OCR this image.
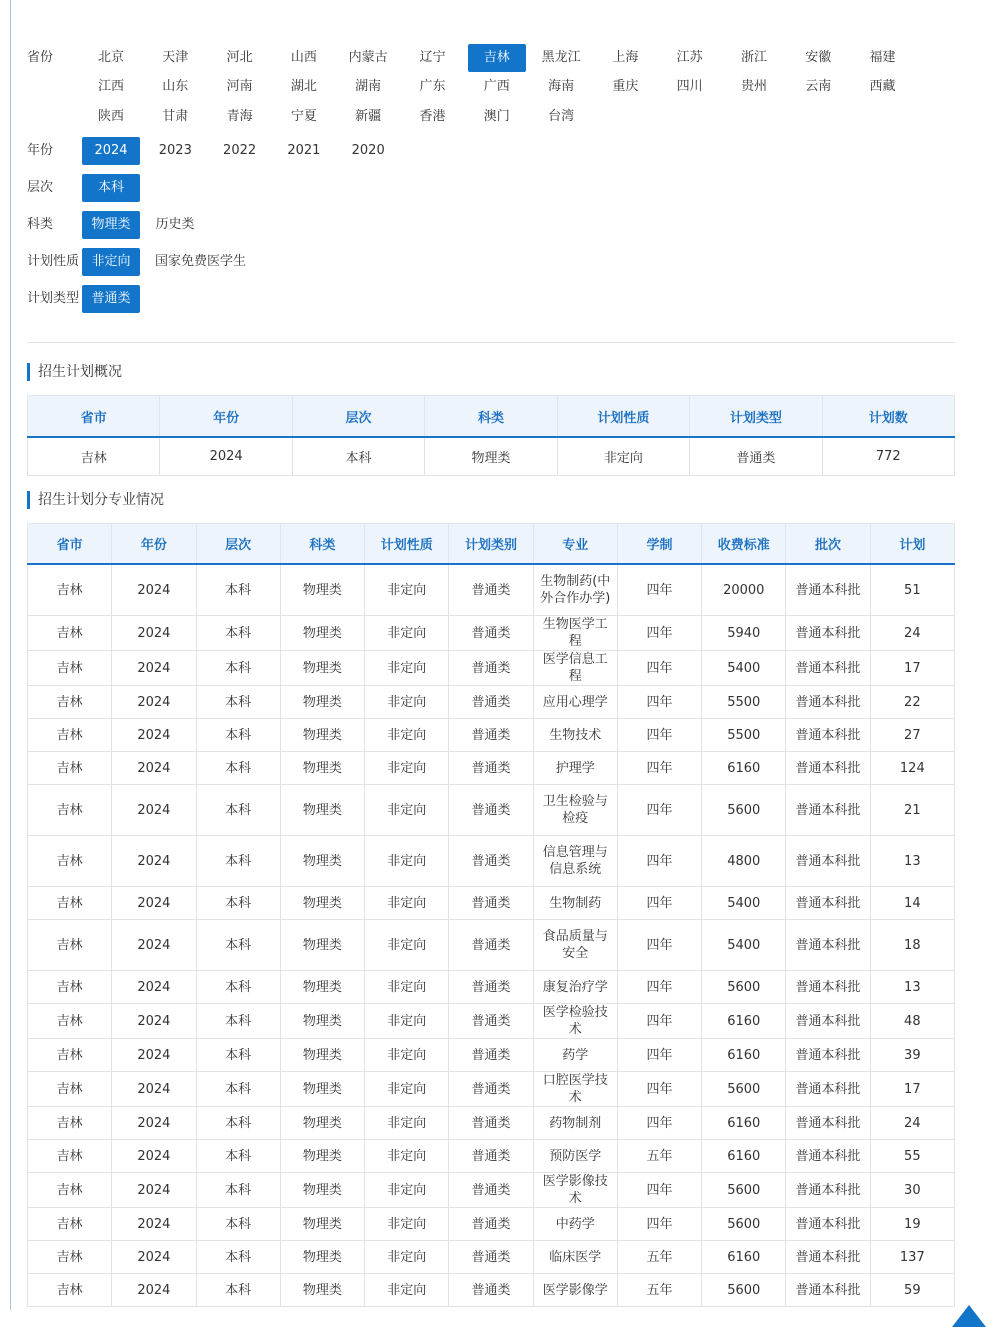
省份	北京	天津	河北	山西	内蒙古	辽宁	吉林	黑龙江	上海	江苏	浙江	安徽	福建
江西	山东	河南	湖北	湖南	广东	广西	海南	重庆	四川	贵州	云南	西藏
陕西	甘肃	青海	宁夏	新疆	香港	澳门	台湾
年份	2024	2023	2022	2021	2020
层次	本科
科类	物理类	历史类
计划性质 非定向	国家免费医学生
计划类型 普通类
招生计划概况
省市	年份	层次	科类	计划性质	计划类型	计划数
吉林	2024	本科	物理类	非定向	普通类	772
招生计划分专业情况
省市	年份	层次	科类	计划性质	计划类别	专业	学制	收费标准	批次	计划
吉林	2024	本科	物理类	非定向	普通类	生物制药(中外合作办学)	四年	20000	普通本科批	51
吉林	2024	本科	物理类	非定向	普通类	生物医学工程	四年	5940	普通本科批	24
吉林	2024	本科	物理类	非定向	普通类	医学信息工程	四年	5400	普通本科批	17
吉林	2024	本科	物理类	非定向	普通类	应用心理学	四年	5500	普通本科批	22
吉林	2024	本科	物理类	非定向	普通类	生物技术	四年	5500	普通本科批	27
吉林	2024	本科	物理类	非定向	普通类	护理学	四年	6160	普通本科批	124
吉林	2024	本科	物理类	非定向	普通类	卫生检验与检疫	四年	5600	普通本科批	21
吉林	2024	本科	物理类	非定向	普通类	信息管理与信息系统	四年	4800	普通本科批	13
吉林	2024	本科	物理类	非定向	普通类	生物制药	四年	5400	普通本科批	14
吉林	2024	本科	物理类	非定向	普通类	食品质量与安全	四年	5400	普通本科批	18
吉林	2024	本科	物理类	非定向	普通类	康复治疗学	四年	5600	普通本科批	13
吉林	2024	本科	物理类	非定向	普通类	医学检验技术	四年	6160	普通本科批	48
吉林	2024	本科	物理类	非定向	普通类	药学	四年	6160	普通本科批	39
吉林	2024	本科	物理类	非定向	普通类	口腔医学技术	四年	5600	普通本科批	17
吉林	2024	本科	物理类	非定向	普通类	药物制剂	四年	6160	普通本科批	24
吉林	2024	本科	物理类	非定向	普通类	预防医学	五年	6160	普通本科批	55
吉林	2024	本科	物理类	非定向	普通类	医学影像技术	四年	5600	普通本科批	30
吉林	2024	本科	物理类	非定向	普通类	中药学	四年	5600	普通本科批	19
吉林	2024	本科	物理类	非定向	普通类	临床医学	五年	6160	普通本科批	137
吉林	2024	本科	物理类	非定向	普通类	医学影像学	五年	5600	普通本科批	59
